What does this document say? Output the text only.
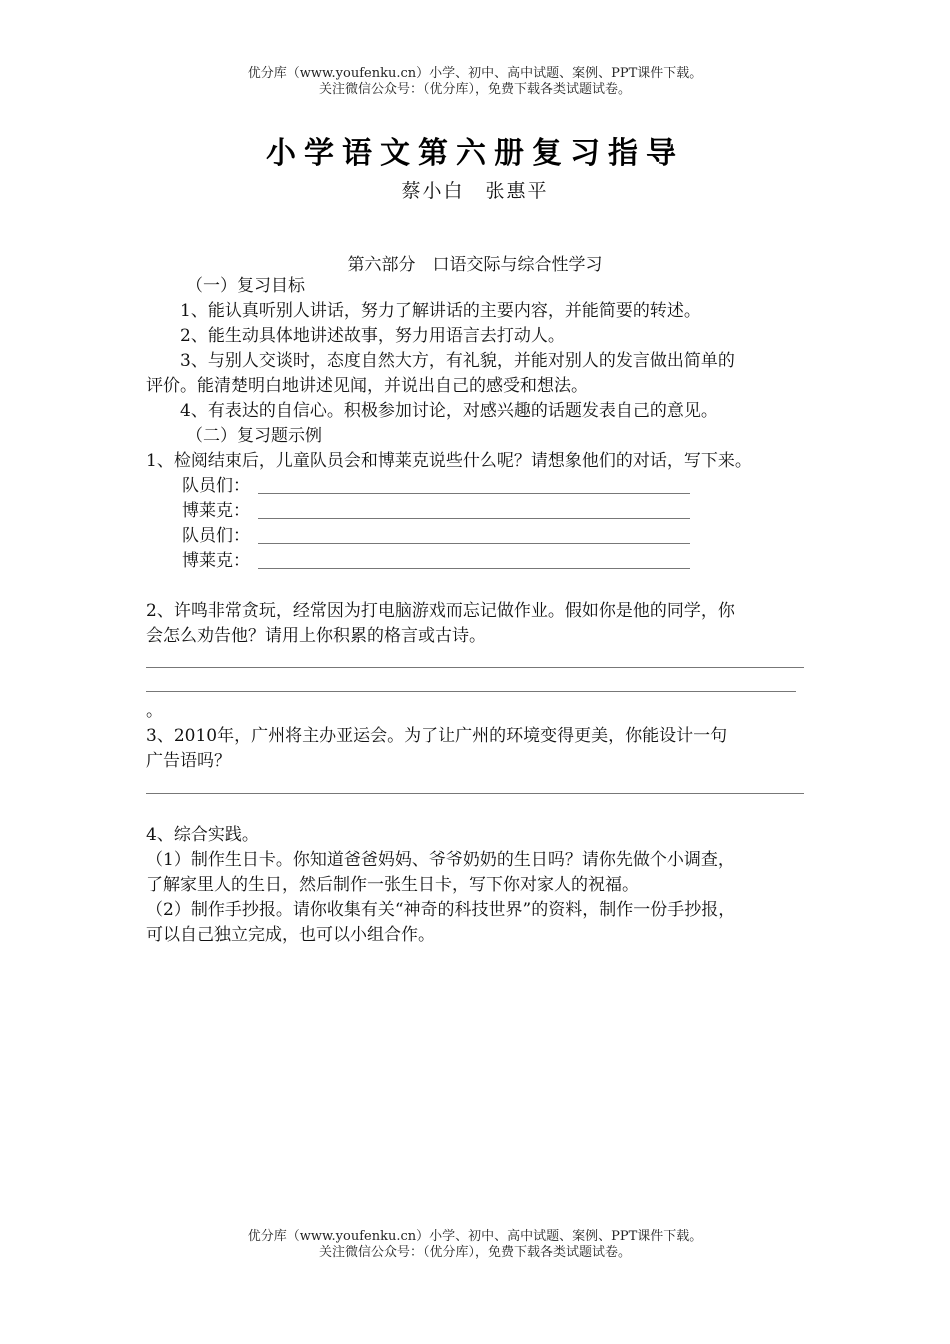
优分库（www.youfenku.cn）小学、初中、高中试题、案例、PPT课件下载。
关注微信公众号：（优分库），免费下载各类试题试卷。
小学语文第六册复习指导
蔡小白　张惠平
第六部分　口语交际与综合性学习
（一）复习目标
1、能认真听别人讲话，努力了解讲话的主要内容，并能简要的转述。
2、能生动具体地讲述故事，努力用语言去打动人。
3、与别人交谈时，态度自然大方，有礼貌，并能对别人的发言做出简单的
评价。能清楚明白地讲述见闻，并说出自己的感受和想法。
4、有表达的自信心。积极参加讨论，对感兴趣的话题发表自己的意见。
（二）复习题示例
1、检阅结束后，儿童队员会和博莱克说些什么呢？请想象他们的对话，写下来。
队员们：
博莱克：
队员们：
博莱克：
2、许鸣非常贪玩，经常因为打电脑游戏而忘记做作业。假如你是他的同学，你
会怎么劝告他？请用上你积累的格言或古诗。
。
3、2010年，广州将主办亚运会。为了让广州的环境变得更美，你能设计一句
广告语吗？
4、综合实践。
（1）制作生日卡。你知道爸爸妈妈、爷爷奶奶的生日吗？请你先做个小调查，
了解家里人的生日，然后制作一张生日卡，写下你对家人的祝福。
（2）制作手抄报。请你收集有关“神奇的科技世界”的资料，制作一份手抄报，
可以自己独立完成，也可以小组合作。
优分库（www.youfenku.cn）小学、初中、高中试题、案例、PPT课件下载。
关注微信公众号：（优分库），免费下载各类试题试卷。
